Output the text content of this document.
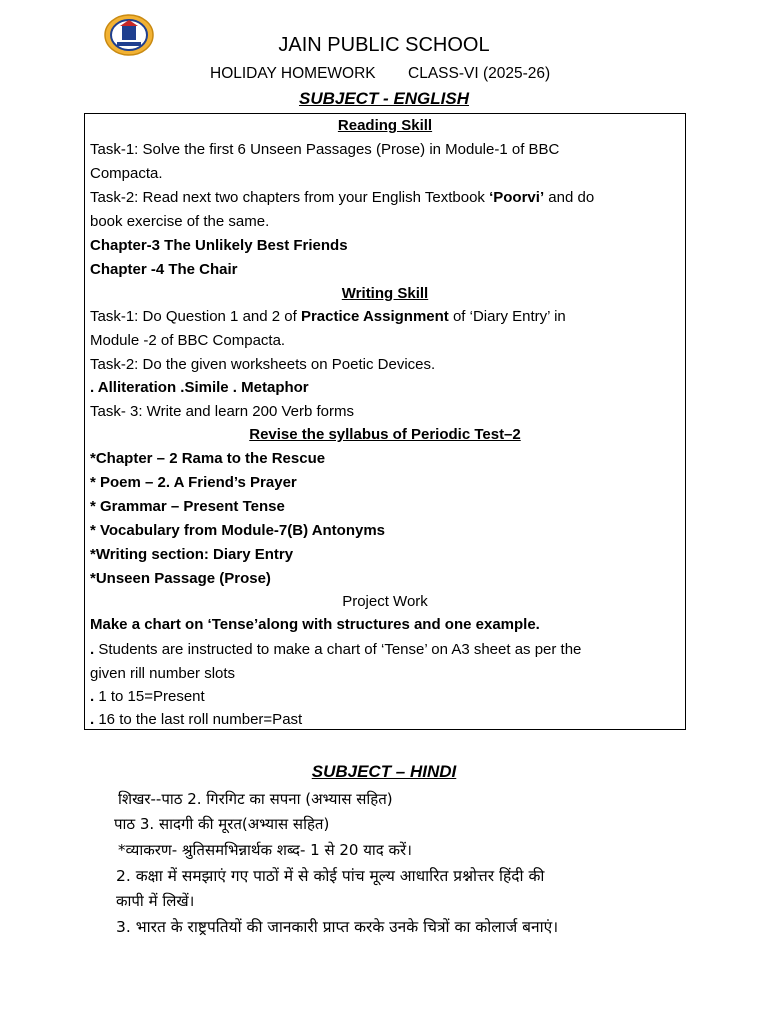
JAIN PUBLIC SCHOOL
HOLIDAY HOMEWORK CLASS-VI (2025-26)
SUBJECT - ENGLISH
Reading Skill
Task-1: Solve the first 6 Unseen Passages (Prose) in Module-1 of BBC
Compacta.
Task-2: Read next two chapters from your English Textbook ‘Poorvi’ and do
book exercise of the same.
Chapter-3 The Unlikely Best Friends
Chapter -4 The Chair
Writing Skill
Task-1: Do Question 1 and 2 of Practice Assignment of ‘Diary Entry’ in
Module -2 of BBC Compacta.
Task-2: Do the given worksheets on Poetic Devices.
. Alliteration .Simile . Metaphor
Task- 3: Write and learn 200 Verb forms
Revise the syllabus of Periodic Test–2
*Chapter – 2 Rama to the Rescue
* Poem – 2. A Friend’s Prayer
* Grammar – Present Tense
* Vocabulary from Module-7(B) Antonyms
*Writing section: Diary Entry
*Unseen Passage (Prose)
Project Work
Make a chart on ‘Tense’along with structures and one example.
. Students are instructed to make a chart of ‘Tense’ on A3 sheet as per the
given rill number slots
. 1 to 15=Present
. 16 to the last roll number=Past
SUBJECT – HINDI
शिखर--पाठ 2. गिरगिट का सपना (अभ्यास सहित)
पाठ 3. सादगी की मूरत(अभ्यास सहित)
*व्याकरण- श्रुतिसमभिन्नार्थक शब्द- 1 से 20 याद करें।
2. कक्षा में समझाएं गए पाठों में से कोई पांच मूल्य आधारित प्रश्नोत्तर हिंदी की
कापी में लिखें।
3. भारत के राष्ट्रपतियों की जानकारी प्राप्त करके उनके चित्रों का कोलार्ज बनाएं।
